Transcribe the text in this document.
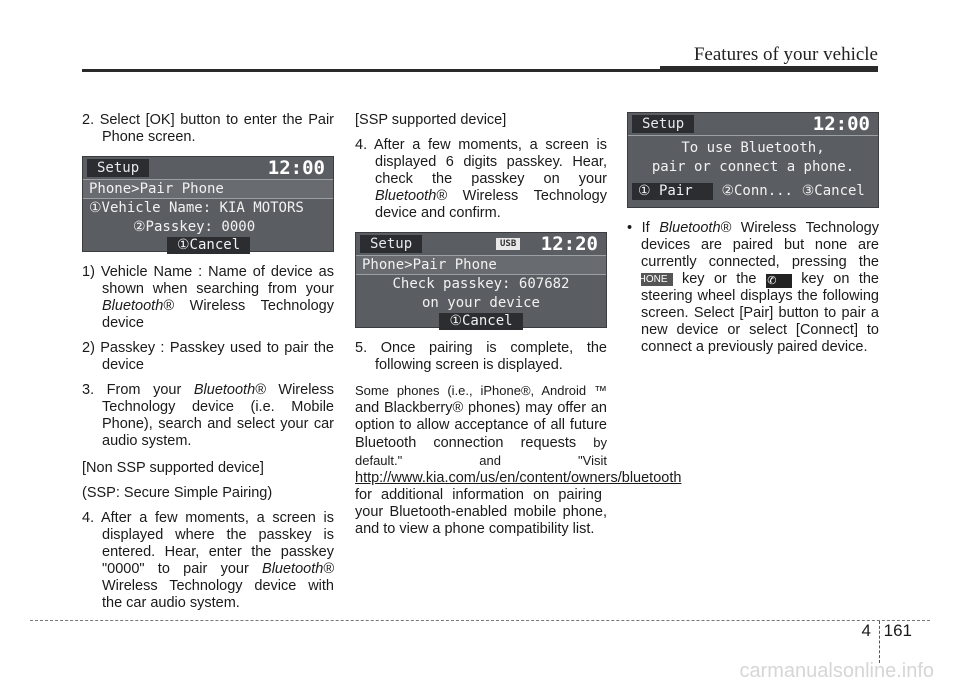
Features of your vehicle
2. Select [OK] button to enter the Pair Phone screen.
Setup	12:00
Phone>Pair Phone
①Vehicle Name: KIA MOTORS
②Passkey: 0000
①Cancel
1) Vehicle Name : Name of device as shown when searching from your Bluetooth® Wireless Technology device
2) Passkey : Passkey used to pair the device
3. From your Bluetooth® Wireless Technology device (i.e. Mobile Phone), search and select your car audio system.
[Non SSP supported device]
(SSP: Secure Simple Pairing)
4. After a few moments, a screen is displayed where the passkey is entered. Hear, enter the passkey "0000" to pair your Bluetooth® Wireless Technology device with the car audio system.
[SSP supported device]
4. After a few moments, a screen is displayed 6 digits passkey. Hear, check the passkey on your Bluetooth® Wireless Technology device and confirm.
Setup	USB 12:20
Phone>Pair Phone
Check passkey: 607682
on your device
①Cancel
5. Once pairing is complete, the following screen is displayed.
Some phones (i.e., iPhone®, Android ™ and Blackberry® phones) may offer an option to allow acceptance of all future Bluetooth connection requests by default." and "Visit http://www.kia.com/us/en/content/owners/bluetooth for additional information on pairing your Bluetooth-enabled mobile phone, and to view a phone compatibility list.
Setup	12:00
To use Bluetooth,
pair or connect a phone.
① Pair ②Conn... ③Cancel
• If Bluetooth® Wireless Technology devices are paired but none are currently connected, pressing the PHONE key or the ✆ key on the steering wheel displays the following screen. Select [Pair] button to pair a new device or select [Connect] to connect a previously paired device.
4 161
carmanualsonline.info
